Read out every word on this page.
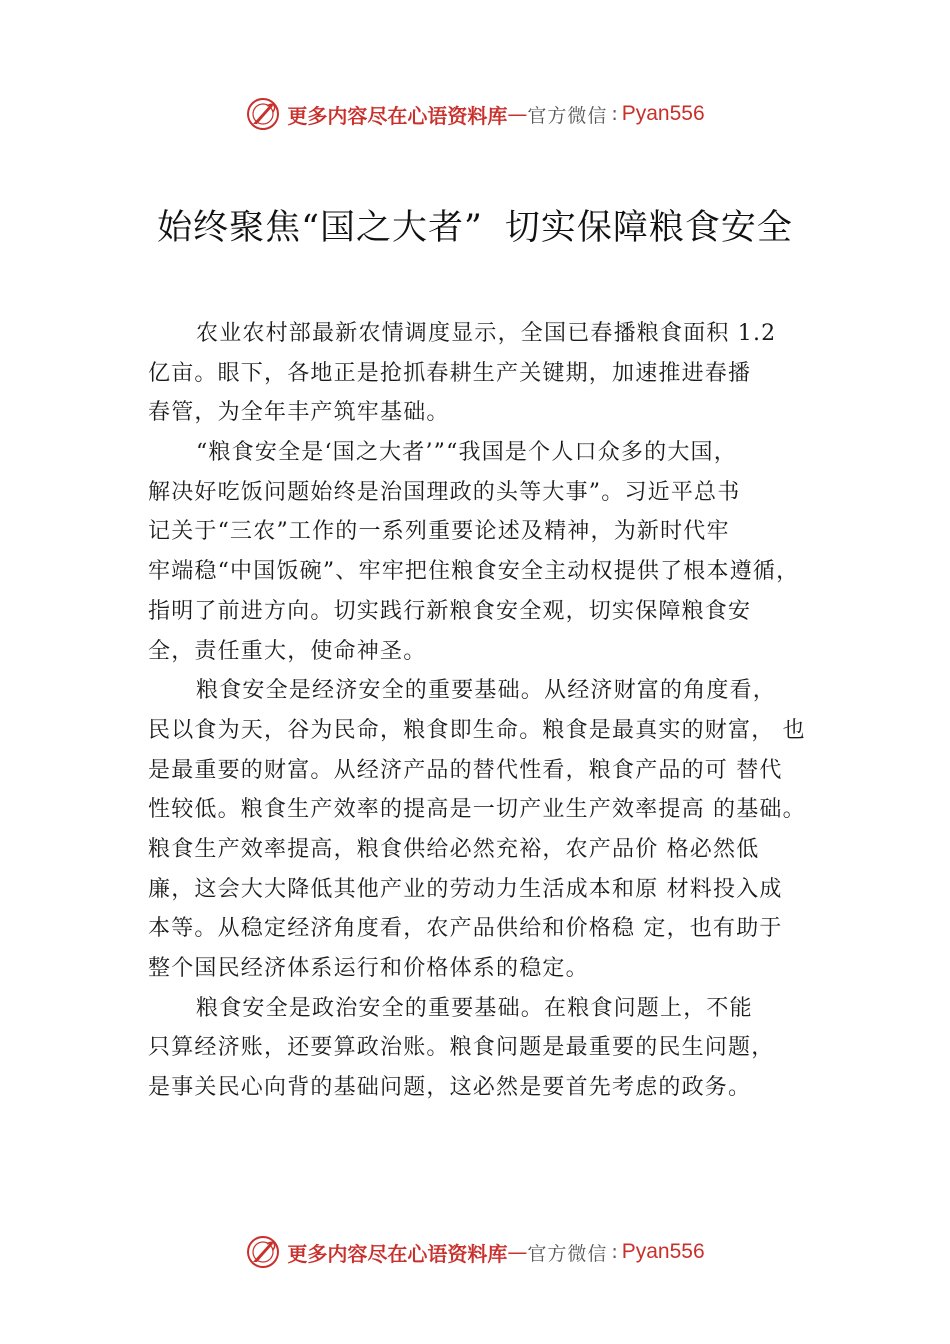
更多内容尽在心语资料库 — 官方微信 : Pyan556
始终聚焦“国之大者” 切实保障粮食安全
农业农村部最新农情调度显示，全国已春播粮食面积 1.2
亿亩。眼下，各地正是抢抓春耕生产关键期，加速推进春播
春管，为全年丰产筑牢基础。
“粮食安全是‘国之大者’”“我国是个人口众多的大国，
解决好吃饭问题始终是治国理政的头等大事”。习近平总书
记关于“三农”工作的一系列重要论述及精神，为新时代牢
牢端稳“中国饭碗”、牢牢把住粮食安全主动权提供了根本遵循，
指明了前进方向。切实践行新粮食安全观，切实保障粮食安
全，责任重大，使命神圣。
粮食安全是经济安全的重要基础。从经济财富的角度看，
民以食为天，谷为民命，粮食即生命。粮食是最真实的财富， 也
是最重要的财富。从经济产品的替代性看，粮食产品的可 替代
性较低。粮食生产效率的提高是一切产业生产效率提高 的基础。
粮食生产效率提高，粮食供给必然充裕，农产品价 格必然低
廉，这会大大降低其他产业的劳动力生活成本和原 材料投入成
本等。从稳定经济角度看，农产品供给和价格稳 定，也有助于
整个国民经济体系运行和价格体系的稳定。
粮食安全是政治安全的重要基础。在粮食问题上，不能
只算经济账，还要算政治账。粮食问题是最重要的民生问题，
是事关民心向背的基础问题，这必然是要首先考虑的政务。
更多内容尽在心语资料库 — 官方微信 : Pyan556
